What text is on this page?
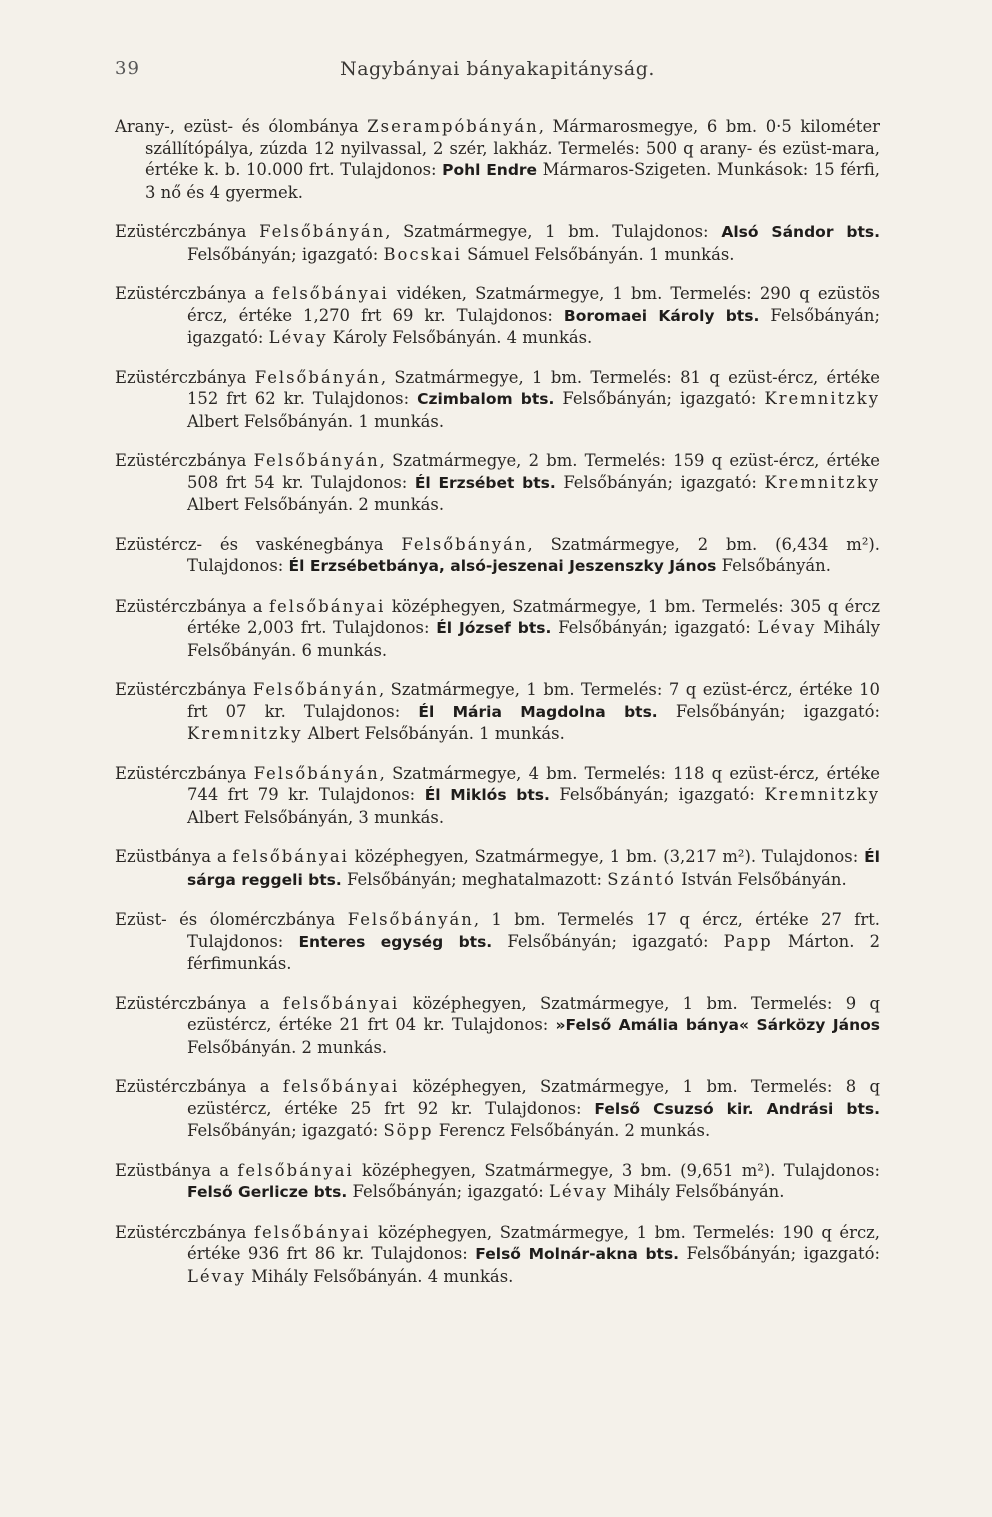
39	Nagybányai bányakapitányság.

Arany-, ezüst- és ólombánya Zserampóbányán, Mármarosmegye, 6 bm. 0·5 kilométer szállítópálya, zúzda 12 nyilvassal, 2 szér, lakház. Termelés: 500 q arany- és ezüst-mara, értéke k. b. 10.000 frt. Tulajdonos: Pohl Endre Mármaros-Szigeten. Munkások: 15 férfi, 3 nő és 4 gyermek.

Ezüstérczbánya Felsőbányán, Szatmármegye, 1 bm. Tulajdonos: Alsó Sándor bts. Felsőbányán; igazgató: Bocskai Sámuel Felsőbányán. 1 munkás.

Ezüstérczbánya a felsőbányai vidéken, Szatmármegye, 1 bm. Termelés: 290 q ezüstös ércz, értéke 1,270 frt 69 kr. Tulajdonos: Boromaei Károly bts. Felsőbányán; igazgató: Lévay Károly Felsőbányán. 4 munkás.

Ezüstérczbánya Felsőbányán, Szatmármegye, 1 bm. Termelés: 81 q ezüst-ércz, értéke 152 frt 62 kr. Tulajdonos: Czimbalom bts. Felsőbányán; igazgató: Kremnitzky Albert Felsőbányán. 1 munkás.

Ezüstérczbánya Felsőbányán, Szatmármegye, 2 bm. Termelés: 159 q ezüst-ércz, értéke 508 frt 54 kr. Tulajdonos: Él Erzsébet bts. Felsőbányán; igazgató: Kremnitzky Albert Felsőbányán. 2 munkás.

Ezüstércz- és vaskénegbánya Felsőbányán, Szatmármegye, 2 bm. (6,434 m²). Tulajdonos: Él Erzsébetbánya, alsó-jeszenai Jeszenszky János Felsőbányán.

Ezüstérczbánya a felsőbányai középhegyen, Szatmármegye, 1 bm. Termelés: 305 q ércz értéke 2,003 frt. Tulajdonos: Él József bts. Felsőbányán; igazgató: Lévay Mihály Felsőbányán. 6 munkás.

Ezüstérczbánya Felsőbányán, Szatmármegye, 1 bm. Termelés: 7 q ezüst-ércz, értéke 10 frt 07 kr. Tulajdonos: Él Mária Magdolna bts. Felsőbányán; igazgató: Kremnitzky Albert Felsőbányán. 1 munkás.

Ezüstérczbánya Felsőbányán, Szatmármegye, 4 bm. Termelés: 118 q ezüst-ércz, értéke 744 frt 79 kr. Tulajdonos: Él Miklós bts. Felsőbányán; igazgató: Kremnitzky Albert Felsőbányán, 3 munkás.

Ezüstbánya a felsőbányai középhegyen, Szatmármegye, 1 bm. (3,217 m²). Tulajdonos: Él sárga reggeli bts. Felsőbányán; meghatalmazott: Szántó István Felsőbányán.

Ezüst- és ólomérczbánya Felsőbányán, 1 bm. Termelés 17 q ércz, értéke 27 frt. Tulajdonos: Enteres egység bts. Felsőbányán; igazgató: Papp Márton. 2 férfimunkás.

Ezüstérczbánya a felsőbányai középhegyen, Szatmármegye, 1 bm. Termelés: 9 q ezüstércz, értéke 21 frt 04 kr. Tulajdonos: »Felső Amália bánya« Sárközy János Felsőbányán. 2 munkás.

Ezüstérczbánya a felsőbányai középhegyen, Szatmármegye, 1 bm. Termelés: 8 q ezüstércz, értéke 25 frt 92 kr. Tulajdonos: Felső Csuzsó kir. Andrási bts. Felsőbányán; igazgató: Söpp Ferencz Felsőbányán. 2 munkás.

Ezüstbánya a felsőbányai középhegyen, Szatmármegye, 3 bm. (9,651 m²). Tulajdonos: Felső Gerlicze bts. Felsőbányán; igazgató: Lévay Mihály Felsőbányán.

Ezüstérczbánya felsőbányai középhegyen, Szatmármegye, 1 bm. Termelés: 190 q ércz, értéke 936 frt 86 kr. Tulajdonos: Felső Molnár-akna bts. Felsőbányán; igazgató: Lévay Mihály Felsőbányán. 4 munkás.
